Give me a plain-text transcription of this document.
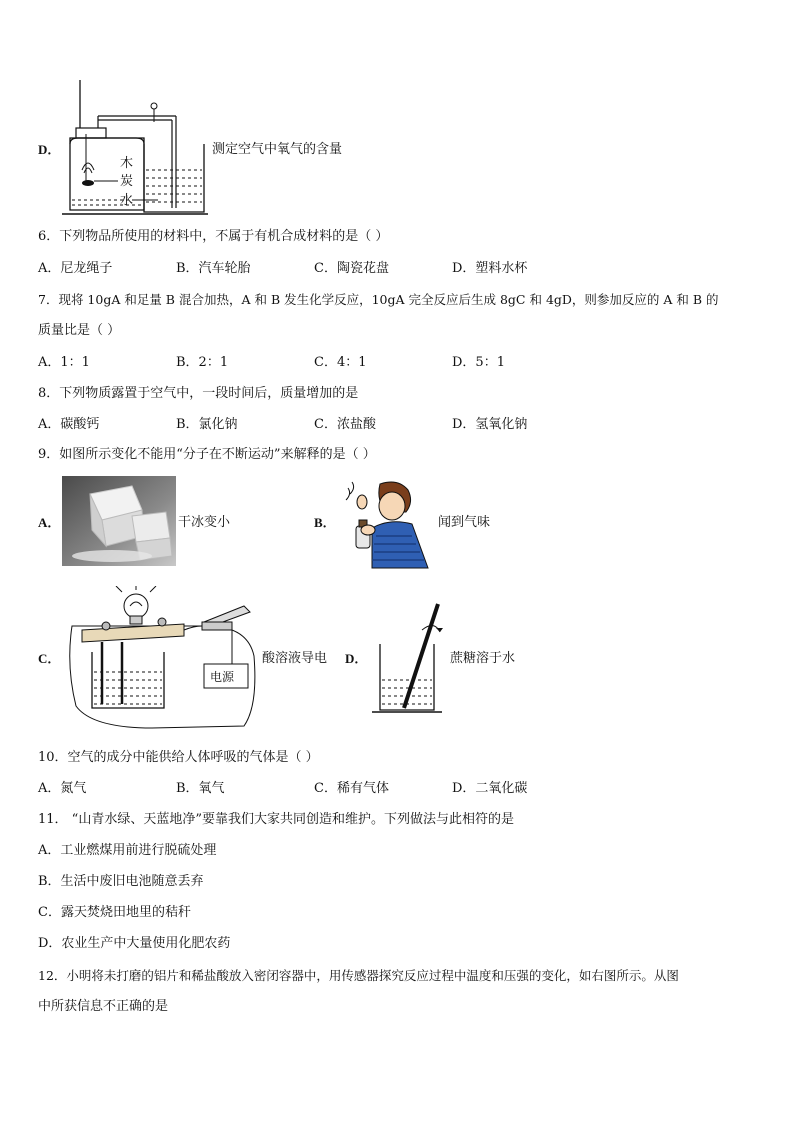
D．
木
炭
水
测定空气中氧气的含量
6．下列物品所使用的材料中，不属于有机合成材料的是（ ）
A．尼龙绳子	B．汽车轮胎	C．陶瓷花盘	D．塑料水杯
7．现将 10gA 和足量 B 混合加热，A 和 B 发生化学反应，10gA 完全反应后生成 8gC 和 4gD，则参加反应的 A 和 B 的
质量比是（ ）
A．1：1	B．2：1	C．4：1	D．5：1
8．下列物质露置于空气中，一段时间后，质量增加的是
A．碳酸钙	B．氯化钠	C．浓盐酸	D．氢氧化钠
9．如图所示变化不能用“分子在不断运动”来解释的是（ ）
A．	干冰变小	B．	闻到气味
C．
电源
酸溶液导电 D．	蔗糖溶于水
10．空气的成分中能供给人体呼吸的气体是（ ）
A．氮气	B．氧气	C．稀有气体	D．二氧化碳
11． “山青水绿、天蓝地净”要靠我们大家共同创造和维护。下列做法与此相符的是
A．工业燃煤用前进行脱硫处理
B．生活中废旧电池随意丢弃
C．露天焚烧田地里的秸秆
D．农业生产中大量使用化肥农药
12．小明将未打磨的铝片和稀盐酸放入密闭容器中，用传感器探究反应过程中温度和压强的变化，如右图所示。从图
中所获信息不正确的是
